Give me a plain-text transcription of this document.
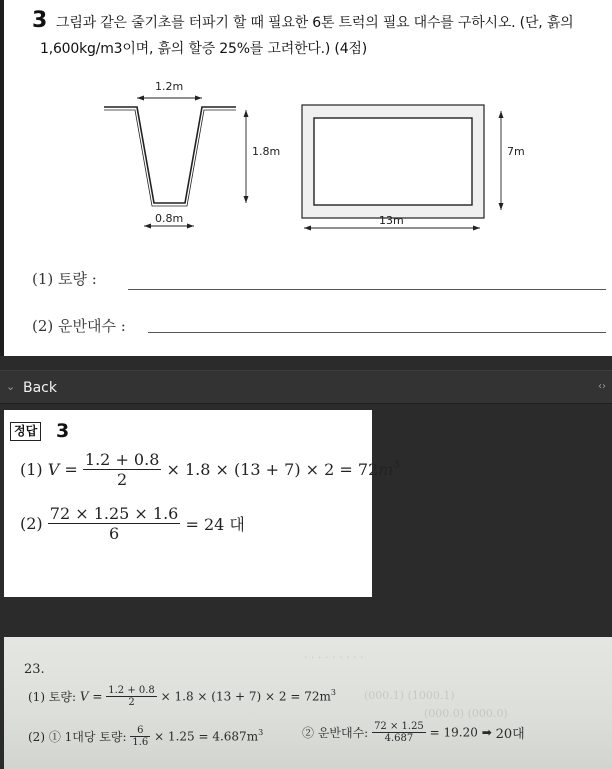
3 그림과 같은 줄기초를 터파기 할 때 필요한 6톤 트럭의 필요 대수를 구하시오. (단, 흙의
1,600kg/m3이며, 흙의 할증 25%를 고려한다.) (4점)
1.2m
1.8m
0.8m	13m
7m
(1) 토량 :
(2) 운반대수 :
⌄ Back	‹›
정답 3
(1) $V = \frac{1.2 + 0.8}{2} \times 1.8 \times (13 + 7) \times 2 = 72m^3$
$(2) \frac{72 \times 1.25 \times 1.6}{6} = 24$ 대
(000.1) (1000.1)
· · · · · · · · ·
(000.0) (000.0)
23.
(1) 토량: $V = \frac{1.2 + 0.8}{2} \times 1.8 \times (13 + 7) \times 2 = 72m^3$
(2) ① 1대당 토량: $\frac{6}{1.6} \times 1.25 = 4.687m^3$	② 운반대수: $\frac{72 \times 1.25}{4.687} = 19.20$ ➡ 20대
